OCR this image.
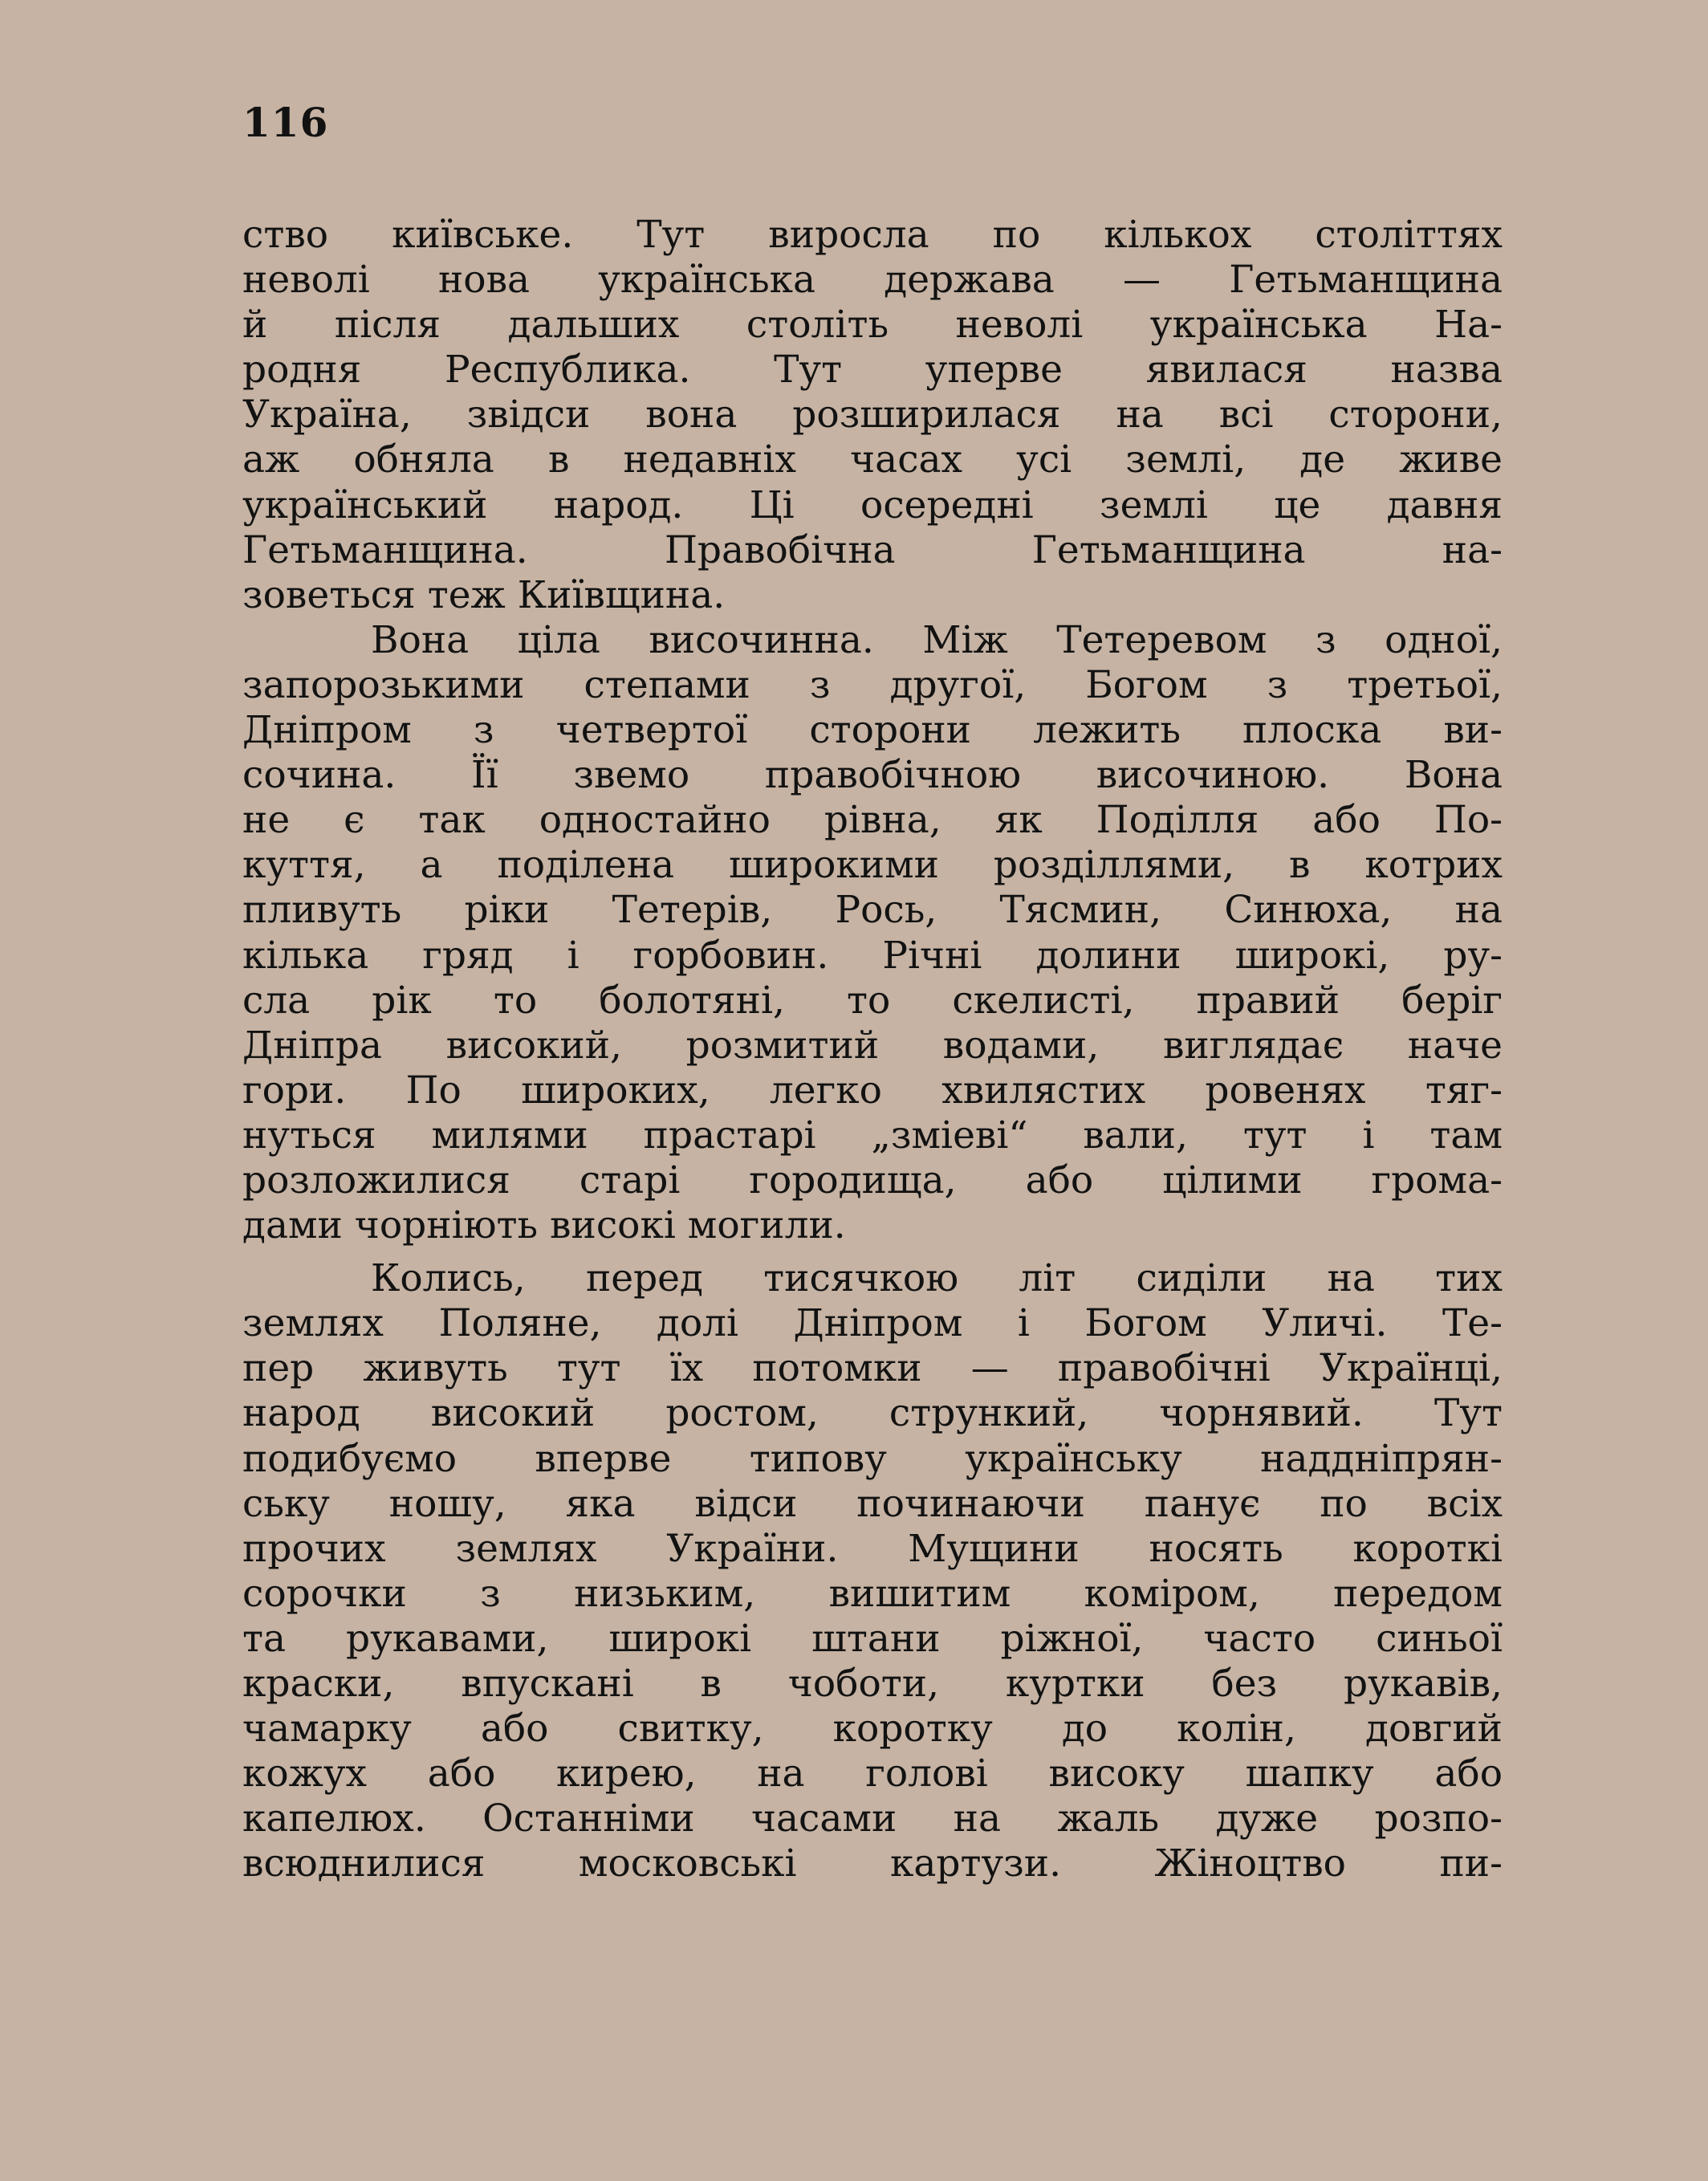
116
ство київське. Тут виросла по кількох століттях
неволі нова українська держава — Гетьманщина
й після дальших століть неволі українська На-
родня Республика. Тут уперве явилася назва
Україна, звідси вона розширилася на всі сторони,
аж обняла в недавніх часах усі землі, де живе
український народ. Ці осередні землі це давня
Гетьманщина. Правобічна Гетьманщина на-
зоветься теж Київщина.
Вона ціла височинна. Між Тетеревом з одної,
запорозькими степами з другої, Богом з третьої,
Дніпром з четвертої сторони лежить плоска ви-
сочина. Її звемо правобічною височиною. Вона
не є так одностайно рівна, як Поділля або По-
куття, а поділена широкими розділлями, в котрих
пливуть ріки Тетерів, Рось, Тясмин, Синюха, на
кілька гряд і горбовин. Річні долини широкі, ру-
сла рік то болотяні, то скелисті, правий беріг
Дніпра високий, розмитий водами, виглядає наче
гори. По широких, легко хвилястих ровенях тяг-
нуться милями прастарі „зміеві“ вали, тут і там
розложилися старі городища, або цілими грома-
дами чорніють високі могили.
Колись, перед тисячкою літ сиділи на тих
землях Поляне, долі Дніпром і Богом Уличі. Те-
пер живуть тут їх потомки — правобічні Українці,
народ високий ростом, стрункий, чорнявий. Тут
подибуємо вперве типову українську наддніпрян-
ську ношу, яка відси починаючи панує по всіх
прочих землях України. Мущини носять короткі
сорочки з низьким, вишитим коміром, передом
та рукавами, широкі штани ріжної, часто синьої
краски, впускані в чоботи, куртки без рукавів,
чамарку або свитку, коротку до колін, довгий
кожух або кирею, на голові високу шапку або
капелюх. Останніми часами на жаль дуже розпо-
всюднилися московські картузи. Жіноцтво пи-
